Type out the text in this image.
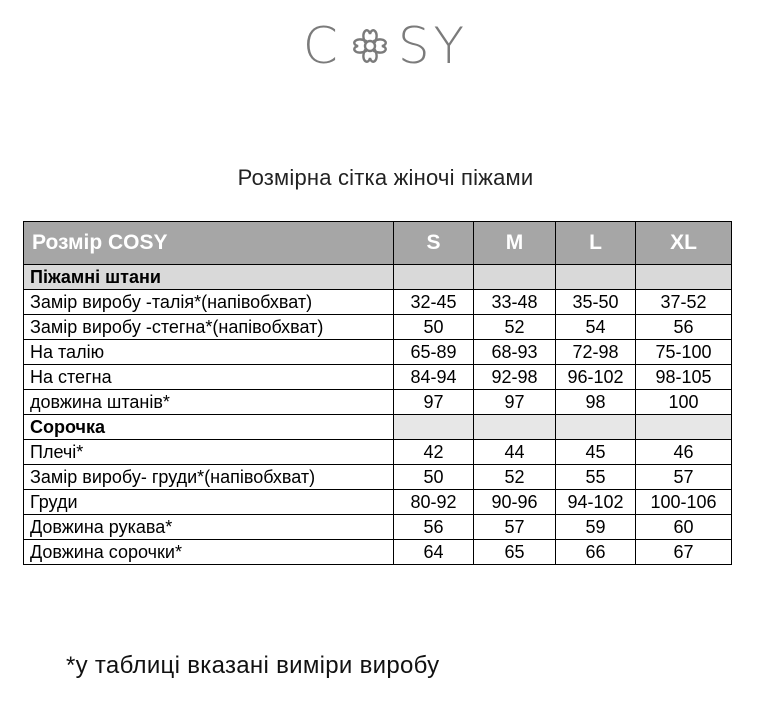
C SY
Розмірна сітка жіночі піжами
Розмір COSY	S	M	L	XL
Піжамні штани				
Замір виробу -талія*(напівобхват)	32-45	33-48	35-50	37-52
Замір виробу -стегна*(напівобхват)	50	52	54	56
На талію	65-89	68-93	72-98	75-100
На стегна	84-94	92-98	96-102	98-105
довжина штанів*	97	97	98	100
Сорочка				
Плечі*	42	44	45	46
Замір виробу- груди*(напівобхват)	50	52	55	57
Груди	80-92	90-96	94-102	100-106
Довжина рукава*	56	57	59	60
Довжина сорочки*	64	65	66	67
*у таблиці вказані виміри виробу
